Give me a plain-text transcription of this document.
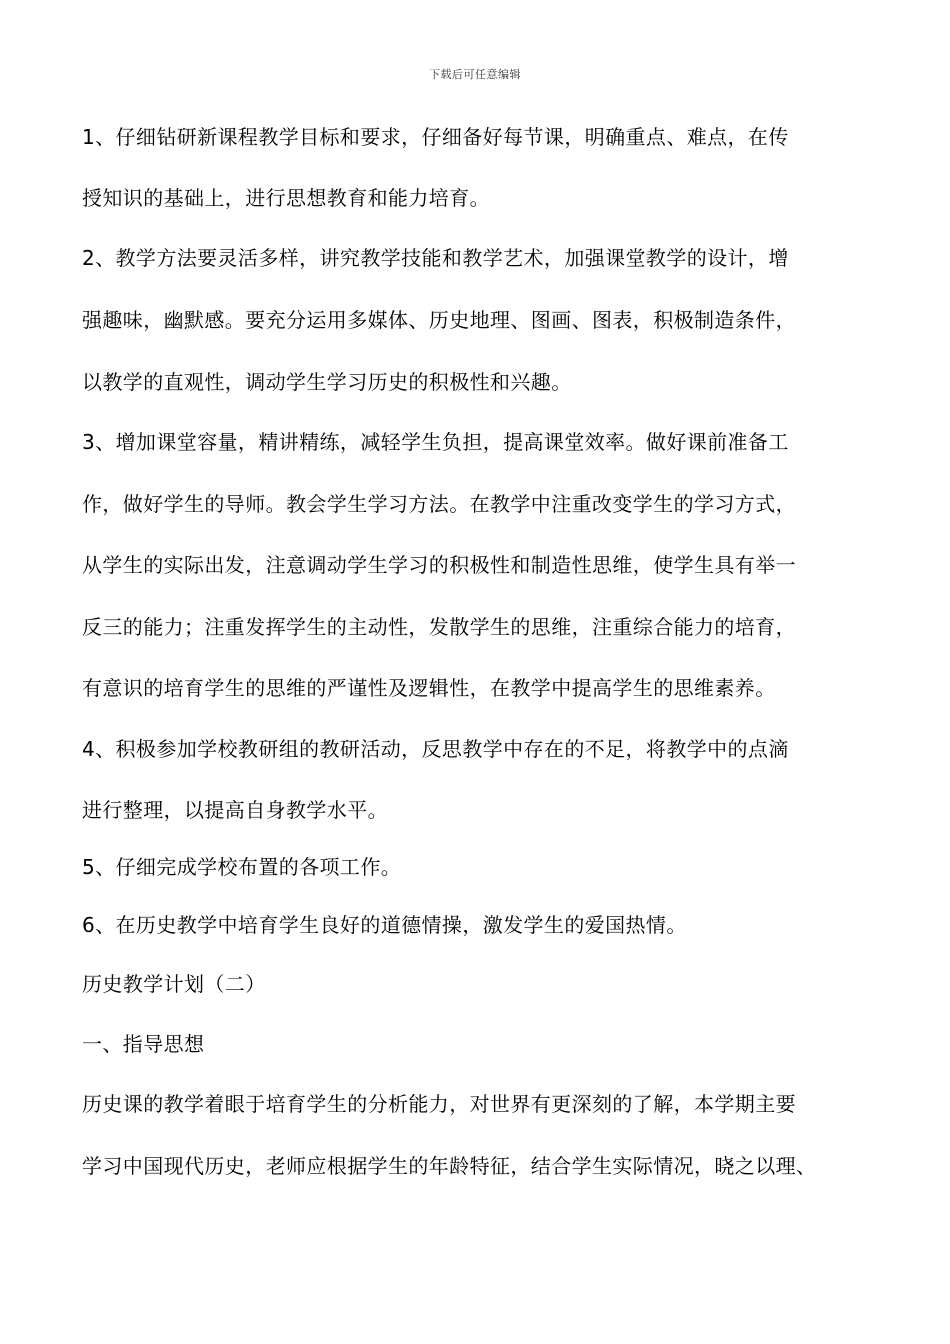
下载后可任意编辑
1、仔细钻研新课程教学目标和要求，仔细备好每节课，明确重点、难点，在传
授知识的基础上，进行思想教育和能力培育。
2、教学方法要灵活多样，讲究教学技能和教学艺术，加强课堂教学的设计，增
强趣味，幽默感。要充分运用多媒体、历史地理、图画、图表，积极制造条件，
以教学的直观性，调动学生学习历史的积极性和兴趣。
3、增加课堂容量，精讲精练，减轻学生负担，提高课堂效率。做好课前准备工
作，做好学生的导师。教会学生学习方法。在教学中注重改变学生的学习方式，
从学生的实际出发，注意调动学生学习的积极性和制造性思维，使学生具有举一
反三的能力；注重发挥学生的主动性，发散学生的思维，注重综合能力的培育，
有意识的培育学生的思维的严谨性及逻辑性，在教学中提高学生的思维素养。
4、积极参加学校教研组的教研活动，反思教学中存在的不足，将教学中的点滴
进行整理，以提高自身教学水平。
5、仔细完成学校布置的各项工作。
6、在历史教学中培育学生良好的道德情操，激发学生的爱国热情。
历史教学计划（二）
一、指导思想
历史课的教学着眼于培育学生的分析能力，对世界有更深刻的了解，本学期主要
学习中国现代历史，老师应根据学生的年龄特征，结合学生实际情况，晓之以理、
